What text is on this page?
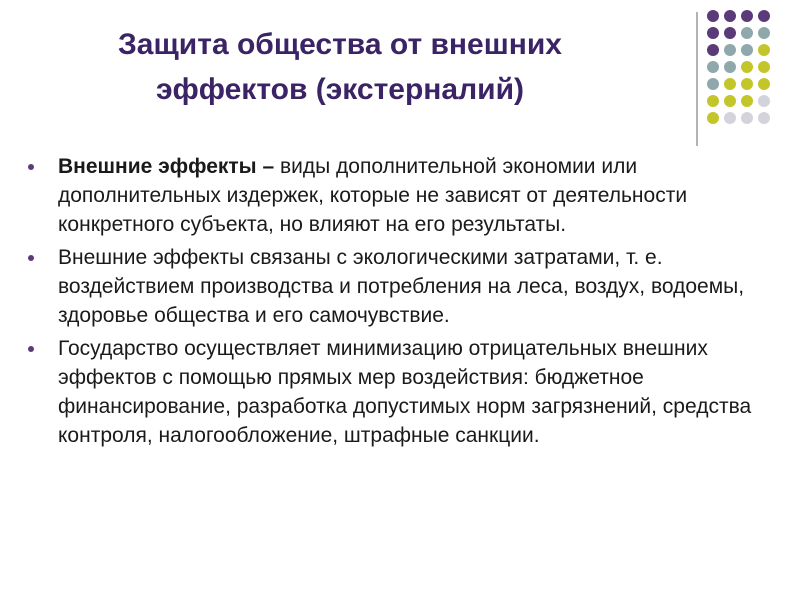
Защита общества от внешних
эффектов (экстерналий)
Внешние эффекты – виды дополнительной экономии или дополнительных издержек, которые не зависят от деятельности конкретного субъекта, но влияют на его результаты.
Внешние эффекты связаны с экологическими затратами, т. е. воздействием производства и потребления на леса, воздух, водоемы, здоровье общества и его самочувствие.
Государство осуществляет минимизацию отрицательных внешних эффектов с помощью прямых мер воздействия: бюджетное финансирование, разработка допустимых норм загрязнений, средства контроля, налогообложение, штрафные санкции.
